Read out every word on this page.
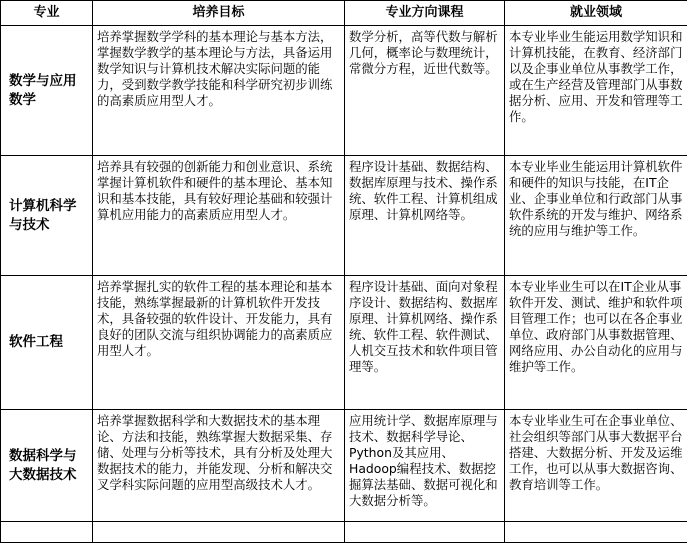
专业	培养目标	专业方向课程	就业领域
数学与应用数学	培养掌握数学学科的基本理论与基本方法，掌握数学教学的基本理论与方法，具备运用数学知识与计算机技术解决实际问题的能力，受到数学教学技能和科学研究初步训练的高素质应用型人才。	数学分析，高等代数与解析几何，概率论与数理统计，常微分方程，近世代数等。	本专业毕业生能运用数学知识和计算机技能，在教育、经济部门以及企事业单位从事教学工作，或在生产经营及管理部门从事数据分析、应用、开发和管理等工作。
计算机科学与技术	培养具有较强的创新能力和创业意识、系统掌握计算机软件和硬件的基本理论、基本知识和基本技能，具有较好理论基础和较强计算机应用能力的高素质应用型人才。	程序设计基础、数据结构、数据库原理与技术、操作系统、软件工程、计算机组成原理、计算机网络等。	本专业毕业生能运用计算机软件和硬件的知识与技能，在IT企业、企事业单位和行政部门从事软件系统的开发与维护、网络系统的应用与维护等工作。
软件工程	培养掌握扎实的软件工程的基本理论和基本技能，熟练掌握最新的计算机软件开发技术，具备较强的软件设计、开发能力，具有良好的团队交流与组织协调能力的高素质应用型人才。	程序设计基础、面向对象程序设计、数据结构、数据库原理、计算机网络、操作系统、软件工程、软件测试、人机交互技术和软件项目管理等。	本专业毕业生可以在IT企业从事软件开发、测试、维护和软件项目管理工作；也可以在各企事业单位、政府部门从事数据管理、网络应用、办公自动化的应用与维护等工作。
数据科学与大数据技术	培养掌握数据科学和大数据技术的基本理论、方法和技能，熟练掌握大数据采集、存储、处理与分析等技术，具有分析及处理大数据技术的能力，并能发现、分析和解决交叉学科实际问题的应用型高级技术人才。	应用统计学、数据库原理与技术、数据科学导论、Python及其应用、Hadoop编程技术、数据挖掘算法基础、数据可视化和大数据分析等。	本专业毕业生可在企事业单位、社会组织等部门从事大数据平台搭建、大数据分析、开发及运维工作，也可以从事大数据咨询、教育培训等工作。
